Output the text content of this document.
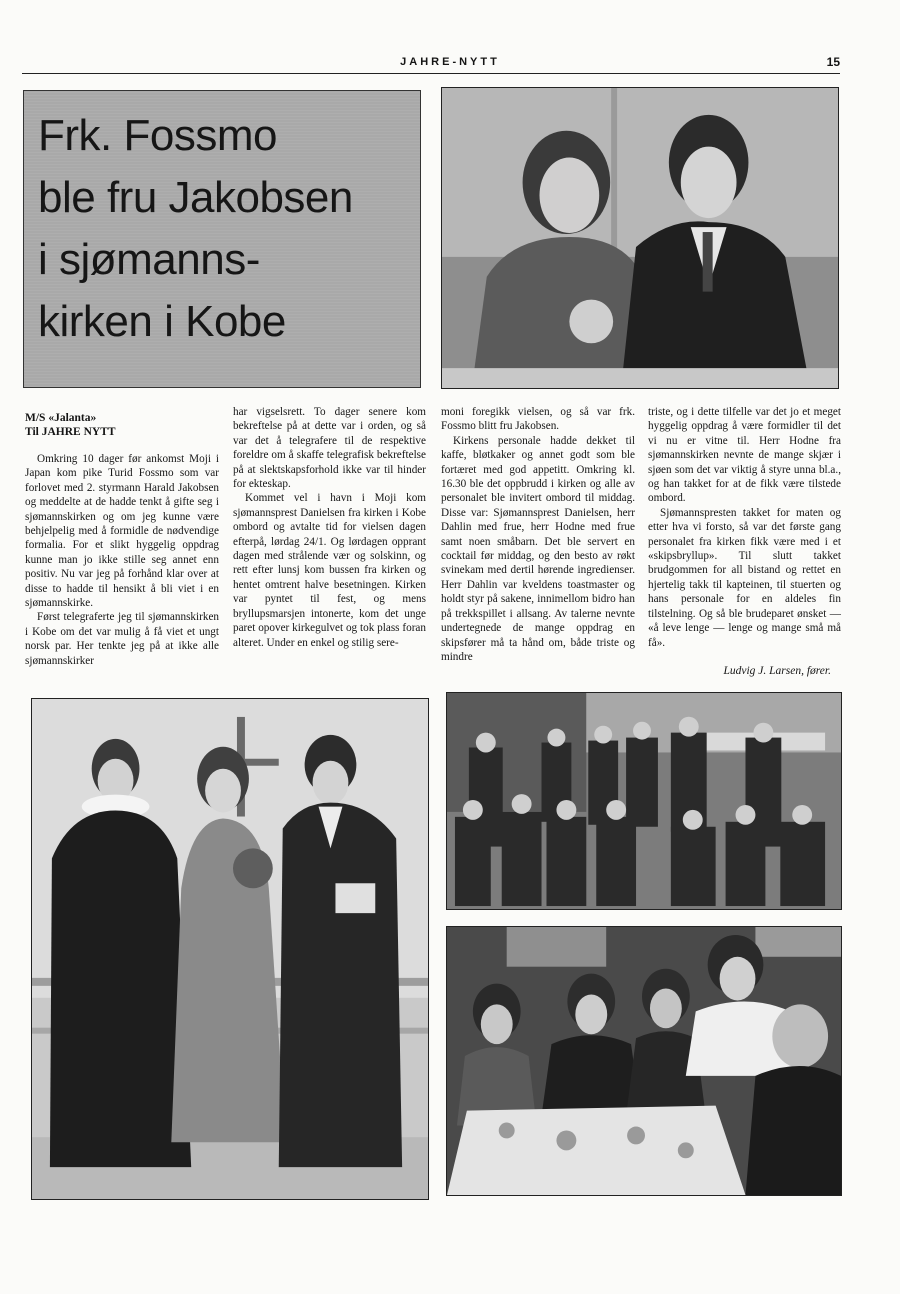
JAHRE-NYTT	15
Frk. Fossmo
ble fru Jakobsen
i sjømanns-
kirken i Kobe
M/S «Jalanta»
Til JAHRE NYTT

Omkring 10 dager før ankomst Moji i Japan kom pike Turid Fossmo som var forlovet med 2. styrmann Harald Jakobsen og meddelte at de hadde tenkt å gifte seg i sjømannskirken og om jeg kunne være behjelpelig med å formidle de nødvendige formalia. For et slikt hyggelig oppdrag kunne man jo ikke stille seg annet enn positiv. Nu var jeg på forhånd klar over at disse to hadde til hensikt å bli viet i en sjømannskirke.

Først telegraferte jeg til sjømannskirken i Kobe om det var mulig å få viet et ungt norsk par. Her tenkte jeg på at ikke alle sjømannskirker

har vigselsrett. To dager senere kom bekreftelse på at dette var i orden, og så var det å telegrafere til de respektive foreldre om å skaffe telegrafisk bekreftelse på at slektskapsforhold ikke var til hinder for ekteskap.

Kommet vel i havn i Moji kom sjømannsprest Danielsen fra kirken i Kobe ombord og avtalte tid for vielsen dagen efterpå, lørdag 24/1. Og lørdagen opprant dagen med strålende vær og solskinn, og rett efter lunsj kom bussen fra kirken og hentet omtrent halve besetningen. Kirken var pyntet til fest, og mens bryllupsmarsjen intonerte, kom det unge paret opover kirkegulvet og tok plass foran alteret. Under en enkel og stilig sere-

moni foregikk vielsen, og så var frk. Fossmo blitt fru Jakobsen.

Kirkens personale hadde dekket til kaffe, bløtkaker og annet godt som ble fortæret med god appetitt. Omkring kl. 16.30 ble det oppbrudd i kirken og alle av personalet ble invitert ombord til middag. Disse var: Sjømannsprest Danielsen, herr Dahlin med frue, herr Hodne med frue samt noen småbarn. Det ble servert en cocktail før middag, og den besto av røkt svinekam med dertil hørende ingredienser. Herr Dahlin var kveldens toastmaster og holdt styr på sakene, innimellom bidro han på trekkspillet i allsang. Av talerne nevnte undertegnede de mange oppdrag en skipsfører må ta hånd om, både triste og mindre

triste, og i dette tilfelle var det jo et meget hyggelig oppdrag å være formidler til det vi nu er vitne til. Herr Hodne fra sjømannskirken nevnte de mange skjær i sjøen som det var viktig å styre unna bl.a., og han takket for at de fikk være tilstede ombord.

Sjømannspresten takket for maten og etter hva vi forsto, så var det første gang personalet fra kirken fikk være med i et «skipsbryllup». Til slutt takket brudgommen for all bistand og rettet en hjertelig takk til kapteinen, til stuerten og hans personale for en aldeles fin tilstelning. Og så ble brudeparet ønsket — «å leve lenge — lenge og mange små må få».

Ludvig J. Larsen, fører.
